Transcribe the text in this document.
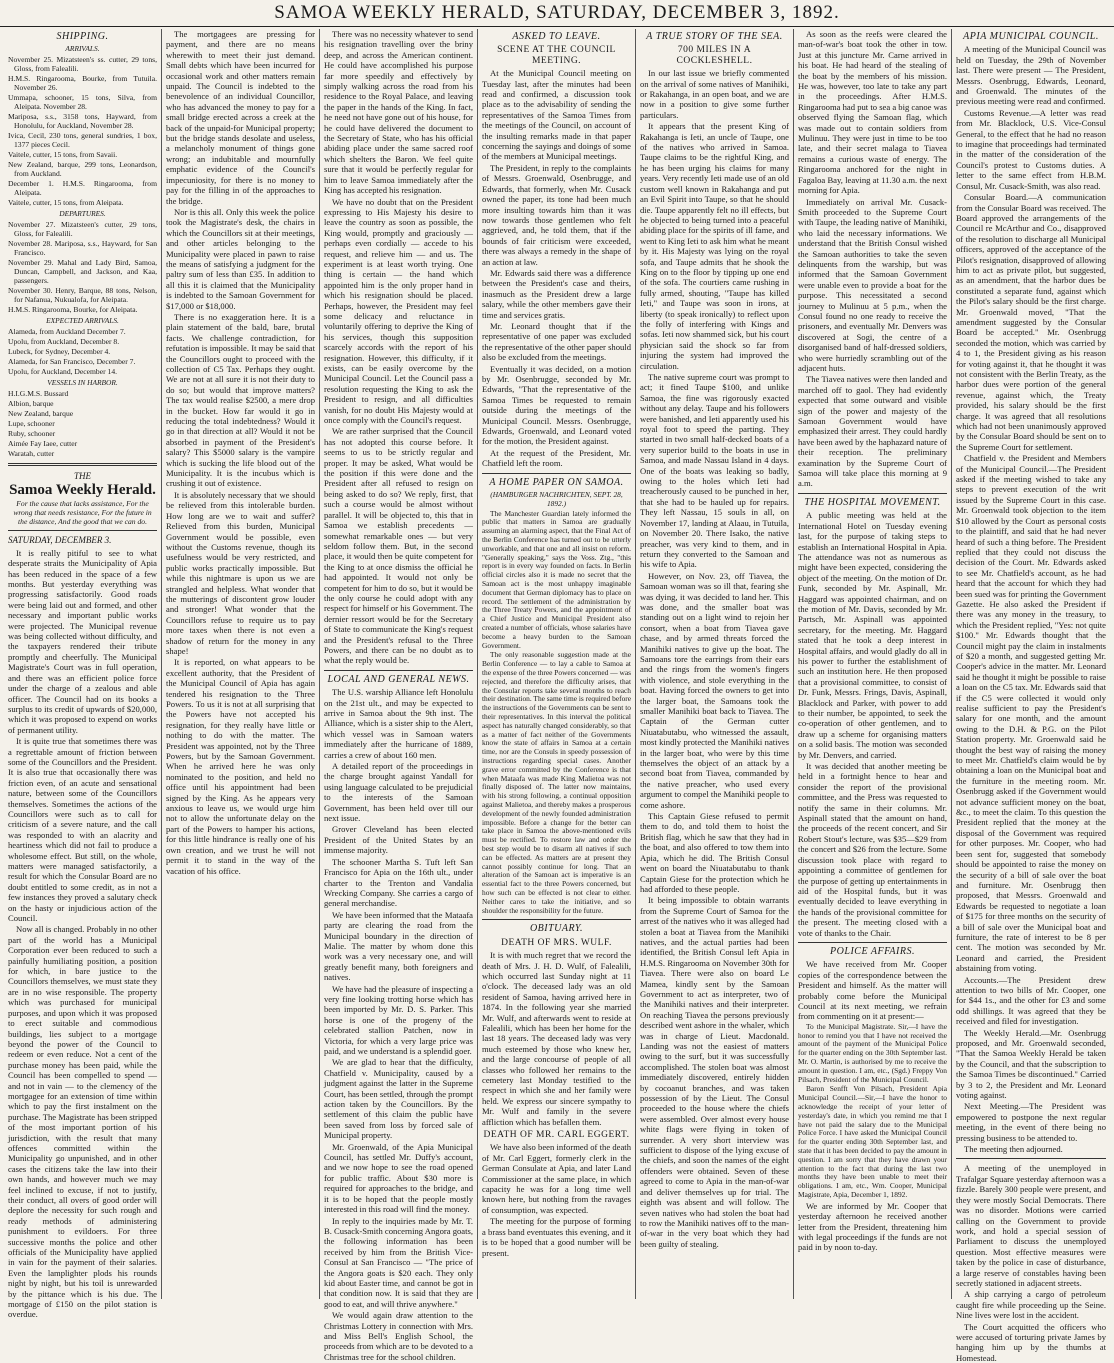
SAMOA WEEKLY HERALD, SATURDAY, DECEMBER 3, 1892.
SHIPPING.
ARRIVALS.
November 25. Mizatsteen's ss. cutter, 29 tons, Gloss, from Falealili.
H.M.S. Ringarooma, Bourke, from Tutuila. November 26.
Ummapa, schooner, 15 tons, Silva, from Aleipata. November 28.
Mariposa, s.s., 3158 tons, Hayward, from Honolulu, for Auckland, November 28.
Ivica, Cecil, 230 tons, general sundries, 1 box, 1377 pieces Cecil.
Vaitele, cutter, 15 tons, from Savaii.
New Zealand, barque, 299 tons, Leonardson, from Auckland.
December 1. H.M.S. Ringarooma, from Aleipata.
Vaitele, cutter, 15 tons, from Aleipata.
DEPARTURES.
November 27. Mizatsteen's cutter, 29 tons, Gloss, for Falealili.
November 28. Mariposa, s.s., Hayward, for San Francisco.
November 29. Mahal and Lady Bird, Samoa, Duncan, Campbell, and Jackson, and Kaa, passengers.
November 30. Henry, Barque, 88 tons, Nelson, for Nafanua, Nukualofa, for Aleipata.
H.M.S. Ringarooma, Bourke, for Aleipata.
EXPECTED ARRIVALS.
Alameda, from Auckland December 7.
Upolu, from Auckland, December 8.
Lubeck, for Sydney, December 4.
Alameda, for San Francisco, December 7.
Upolu, for Auckland, December 14.
VESSELS IN HARBOR.
H.I.G.M.S. Bussard
Albion, barque
New Zealand, barque
Lupe, schooner
Ruby, schooner
Aimée Fay Iaee, cutter
Waratah, cutter
THE
Samoa Weekly Herald.
For the cause that lacks assistance, For the wrong that needs resistance, For the future in the distance, And the good that we can do.
SATURDAY, DECEMBER 3.

It is really pitiful to see to what desperate straits the Municipality of Apia has been reduced in the space of a few months. But yesterday everything was progressing satisfactorily. Good roads were being laid out and formed, and other necessary and important public works were projected. The Municipal revenue was being collected without difficulty, and the taxpayers rendered their tribute promptly and cheerfully. The Municipal Magistrate's Court was in full operation, and there was an efficient police force under the charge of a zealous and able officer. The Council had on its books a surplus to its credit of upwards of $20,000, which it was proposed to expend on works of permanent utility.

It is quite true that sometimes there was a regrettable amount of friction between some of the Councillors and the President. It is also true that occasionally there was friction even, of an acute and sensational nature, between some of the Councillors themselves. Sometimes the actions of the Councillors were such as to call for criticism of a severe nature, and the call was responded to with an alacrity and heartiness which did not fail to produce a wholesome effect. But still, on the whole, matters were managed satisfactorily, a result for which the Consular Board are no doubt entitled to some credit, as in not a few instances they proved a salutary check on the hasty or injudicious action of the Council.

Now all is changed. Probably in no other part of the world has a Municipal Corporation ever been reduced to such a painfully humiliating position, a position for which, in bare justice to the Councillors themselves, we must state they are in no wise responsible. The property which was purchased for municipal purposes, and upon which it was proposed to erect suitable and commodious buildings, lies subject to a mortgage beyond the power of the Council to redeem or even reduce. Not a cent of the purchase money has been paid, while the Council has been compelled to spend — and not in vain — to the clemency of the mortgagee for an extension of time within which to pay the first instalment on the purchase. The Magistrate has been stripped of the most important portion of his jurisdiction, with the result that many offences committed within the Municipality go unpunished, and in other cases the citizens take the law into their own hands, and however much we may feel inclined to excuse, if not to justify, their conduct, all overs of good order will deplore the necessity for such rough and ready methods of administering punishment to evildoers. For three successive months the police and other officials of the Municipality have applied in vain for the payment of their salaries. Even the lamplighter plods his rounds night by night, but his toil is unrewarded by the pittance which is his due. The mortgage of £150 on the pilot station is overdue.

The mortgagees are pressing for payment, and there are no means wherewith to meet their just demand. Small debts which have been incurred for occasional work and other matters remain unpaid. The Council is indebted to the benevolence of an individual Councillor, who has advanced the money to pay for a small bridge erected across a creek at the back of the unpaid-for Municipal property; but the bridge stands desolate and useless, a melancholy monument of things gone wrong; an indubitable and mournfully emphatic evidence of the Council's impecuniosity, for there is no money to pay for the filling in of the approaches to the bridge.

Nor is this all. Only this week the police took the Magistrate's desk, the chairs in which the Councillors sit at their meetings, and other articles belonging to the Municipality were placed in pawn to raise the means of satisfying a judgment for the paltry sum of less than £35. In addition to all this it is claimed that the Municipality is indebted to the Samoan Government for $17,000 or $18,000.

There is no exaggeration here. It is a plain statement of the bald, bare, brutal facts. We challenge contradiction, for refutation is impossible. It may be said that the Councillors ought to proceed with the collection of C5 Tax. Perhaps they ought. We are not at all sure it is not their duty to do so; but would that improve matters? The tax would realise $2500, a mere drop in the bucket. How far would it go in reducing the total indebtedness? Would it go in that direction at all? Would it not be absorbed in payment of the President's salary? This $5000 salary is the vampire which is sucking the life blood out of the Municipality. It is the incubus which is crushing it out of existence.

It is absolutely necessary that we should be relieved from this intolerable burden. How long are we to wait and suffer? Relieved from this burden, Municipal Government would be possible, even without the Customs revenue, though its usefulness would be very restricted, and public works practically impossible. But while this nightmare is upon us we are strangled and helpless. What wonder that the mutterings of discontent grow louder and stronger! What wonder that the Councillors refuse to require us to pay more taxes when there is not even a shadow of return for the money in any shape!

It is reported, on what appears to be excellent authority, that the President of the Municipal Council of Apia has again tendered his resignation to the Three Powers. To us it is not at all surprising that the Powers have not accepted his resignation, for they really have little or nothing to do with the matter. The President was appointed, not by the Three Powers, but by the Samoan Government. When he arrived here he was only nominated to the position, and held no office until his appointment had been signed by the King. As he appears very anxious to leave us, we would urge him not to allow the unfortunate delay on the part of the Powers to hamper his actions, for this little hindrance is really one of his own creation, and we trust he will not permit it to stand in the way of the vacation of his office.

There was no necessity whatever to send his resignation travelling over the briny deep, and across the American continent. He could have accomplished his purpose far more speedily and effectively by simply walking across the road from his residence to the Royal Palace, and leaving the paper in the hands of the King. In fact, he need not have gone out of his house, for he could have delivered the document to the Secretary of State, who has his official abiding place under the same sacred roof which shelters the Baron. We feel quite sure that it would be perfectly regular for him to leave Samoa immediately after the King has accepted his resignation.

We have no doubt that on the President expressing to His Majesty his desire to leave the country as soon as possible, the King would, promptly and graciously — perhaps even cordially — accede to his request, and relieve him — and us. The experiment is at least worth trying. One thing is certain — the hand which appointed him is the only proper hand in which his resignation should be placed. Perhaps, however, the President may feel some delicacy and reluctance in voluntarily offering to deprive the King of his services, though this supposition scarcely accords with the report of his resignation. However, this difficulty, if it exists, can be easily overcome by the Municipal Council. Let the Council pass a resolution requesting the King to ask the President to resign, and all difficulties vanish, for no doubt His Majesty would at once comply with the Council's request.

We are rather surprised that the Council has not adopted this course before. It seems to us to be strictly regular and proper. It may be asked, What would be the position if this were done and the President after all refused to resign on being asked to do so? We reply, first, that such a course would be almost without parallel. It will be objected to, this that in Samoa we establish precedents — somewhat remarkable ones — but very seldom follow them. But, in the second place, it would then be quite competent for the King to at once dismiss the official he had appointed. It would not only be competent for him to do so, but it would be the only course he could adopt with any respect for himself or his Government. The dernier ressort would be for the Secretary of State to communicate the King's request and the President's refusal to the Three Powers, and there can be no doubt as to what the reply would be.

LOCAL AND GENERAL NEWS.

The U.S. warship Alliance left Honolulu on the 21st ult., and may be expected to arrive in Samoa about the 9th inst. The Alliance, which is a sister ship to the Alert, which vessel was in Samoan waters immediately after the hurricane of 1889, carries a crew of about 160 men.

A detailed report of the proceedings in the charge brought against Yandall for using language calculated to be prejudicial to the interests of the Samoan Government, has been held over till our next issue.

Grover Cleveland has been elected President of the United States by an immense majority.

The schooner Martha S. Tuft left San Francisco for Apia on the 16th ult., under charter to the Trenton and Vandalia Wrecking Company. She carries a cargo of general merchandise.

We have been informed that the Mataafa party are clearing the road from the Municipal boundary in the direction of Malie. The matter by whom done this work was a very necessary one, and will greatly benefit many, both foreigners and natives.

We have had the pleasure of inspecting a very fine looking trotting horse which has been imported by Mr. D. S. Parker. This horse is one of the progeny of the celebrated stallion Patchen, now in Victoria, for which a very large price was paid, and we understand is a splendid goer.

We are glad to hear that the difficulty, Chatfield v. Municipality, caused by a judgment against the latter in the Supreme Court, has been settled, through the prompt action taken by the Councillors. By the settlement of this claim the public have been saved from loss by forced sale of Municipal property.

Mr. Groenwald, of the Apia Municipal Council, has settled Mr. Duffy's account, and we now hope to see the road opened for public traffic. About $30 more is required for approaches to the bridge, and it is to be hoped that the people mostly interested in this road will find the money.

In reply to the inquiries made by Mr. T. B. Cusack-Smith concerning Angora goats, the following information has been received by him from the British Vice-Consul at San Francisco — "The price of the Angora goats is $20 each. They only kid about Easter time, and cannot be got in that condition now. It is said that they are good to eat, and will thrive anywhere."

We would again draw attention to the Christmas Lottery in connection with Mrs. and Miss Bell's English School, the proceeds from which are to be devoted to a Christmas tree for the school children.

ASKED TO LEAVE.
SCENE AT THE COUNCIL MEETING.

At the Municipal Council meeting on Tuesday last, after the minutes had been read and confirmed, a discussion took place as to the advisability of sending the representatives of the Samoa Times from the meetings of the Council, on account of the insulting remarks made in that paper concerning the sayings and doings of some of the members at Municipal meetings.

The President, in reply to the complaints of Messrs. Groenwald, Osenbrugge, and Edwards, that formerly, when Mr. Cusack owned the paper, its tone had been much more insulting towards him than it was now towards those gentlemen who felt aggrieved, and, he told them, that if the bounds of fair criticism were exceeded, there was always a remedy in the shape of an action at law.

Mr. Edwards said there was a difference between the President's case and theirs, inasmuch as the President drew a large salary, while the other members gave their time and services gratis.

Mr. Leonard thought that if the representative of one paper was excluded the representative of the other paper should also be excluded from the meetings.

Eventually it was decided, on a motion by Mr. Osenbrugge, seconded by Mr. Edwards, "That the representative of the Samoa Times be requested to remain outside during the meetings of the Municipal Council. Messrs. Osenbrugge, Edwards, Groenwald, and Leonard voted for the motion, the President against.

At the request of the President, Mr. Chatfield left the room.

A HOME PAPER ON SAMOA.
(HAMBURGER NACHRICHTEN, SEPT. 28, 1892.)

The Manchester Guardian lately informed the public that matters in Samoa are gradually assuming an alarming aspect, that the Final Act of the Berlin Conference has turned out to be utterly unworkable, and that one and all insist on reform. "Generally speaking," says the Voss. Ztg., "this report is in every way founded on facts. In Berlin official circles also it is made no secret that the Samoan act is the most unhappy imaginable document that German diplomacy has to place on record. The settlement of the administration by the Three Treaty Powers, and the appointment of a Chief Justice and Municipal President also created a number of officials, whose salaries have become a heavy burden to the Samoan Government.

The only reasonable suggestion made at the Berlin Conference — to lay a cable to Samoa at the expense of the three Powers concerned — was rejected, and therefore the difficulty arises, that the Consular reports take several months to reach their destination. The same time is required before the instructions of the Governments can be sent to their representatives. In this interval the political aspect has naturally changed considerably, so that as a matter of fact neither of the Governments know the state of affairs in Samoa at a certain time, nor are the Consuls in speedy possession of instructions regarding special cases. Another grave error committed by the Conference is that when Mataafa was made King Malietoa was not finally disposed of. The latter now maintains, with his strong following, a continual opposition against Malietoa, and thereby makes a prosperous development of the newly founded administration impossible. Before a change for the better can take place in Samoa the above-mentioned evils must be rectified. To restore law and order the best step would be to disarm all natives if such can be effected. As matters are at present they cannot possibly continue for long. That an alteration of the Samoan act is imperative is an essential fact to the three Powers concerned, but how such can be effected is not clear to either. Neither cares to take the initiative, and so shoulder the responsibility for the future.

OBITUARY.
DEATH OF MRS. WULF.

It is with much regret that we record the death of Mrs. J. H. D. Wulf, of Falealili, which occurred last Sunday night at 11 o'clock. The deceased lady was an old resident of Samoa, having arrived here in 1874. In the following year she married Mr. Wulf, and afterwards went to reside at Falealili, which has been her home for the last 18 years. The deceased lady was very much esteemed by those who knew her, and the large concourse of people of all classes who followed her remains to the cemetery last Monday testified to the respect in which she and her family were held. We express our sincere sympathy to Mr. Wulf and family in the severe affliction which has befallen them.

DEATH OF MR. CARL EGGERT.

We have also been informed of the death of Mr. Carl Eggert, formerly clerk in the German Consulate at Apia, and later Land Commissioner at the same place, in which capacity he was for a long time well known here, but nothing from the ravages of consumption, was expected.

The meeting for the purpose of forming a brass band eventuates this evening, and it is to be hoped that a good number will be present.

A TRUE STORY OF THE SEA.
700 MILES IN A COCKLESHELL.

In our last issue we briefly commented on the arrival of some natives of Manihiki, or Rakahanga, in an open boat, and we are now in a position to give some further particulars.

It appears that the present King of Rakahanga is Ieti, an uncle of Taupe, one of the natives who arrived in Samoa. Taupe claims to be the rightful King, and he has been urging his claims for many years. Very recently Ieti made use of an old custom well known in Rakahanga and put an Evil Spirit into Taupe, so that he should die. Taupe apparently felt no ill effects, but he objected to being turned into a peaceful abiding place for the spirits of ill fame, and went to King Ieti to ask him what he meant by it. His Majesty was lying on the royal sofa, and Taupe admits that he shook the King on to the floor by tipping up one end of the sofa. The courtiers came rushing in fully armed, shouting, "Taupe has killed Ieti," and Taupe was soon in irons, at liberty (to speak ironically) to reflect upon the folly of interfering with Kings and sofas. Ieti now shammed sick, but his court physician said the shock so far from injuring the system had improved the circulation.

The native supreme court was prompt to act; it fined Taupe $100, and unlike Samoa, the fine was rigorously exacted without any delay. Taupe and his followers were banished, and Ieti apparently used his royal foot to speed the parting. They started in two small half-decked boats of a very superior build to the boats in use in Samoa, and made Nassau Island in 4 days. One of the boats was leaking so badly, owing to the holes which Ieti had treacherously caused to be punched in her, that she had to be hauled up for repairs. They left Nassau, 15 souls in all, on November 17, landing at Alaau, in Tutuila, on November 20. There Isako, the native preacher, was very kind to them, and in return they converted to the Samoan and his wife to Apia.

However, on Nov. 23, off Tiavea, the Samoan woman was so ill that, fearing she was dying, it was decided to land her. This was done, and the smaller boat was standing out on a light wind to rejoin her consort, when a boat from Tiavea gave chase, and by armed threats forced the Manihiki natives to give up the boat. The Samoans tore the earrings from their ears and the rings from the women's fingers with violence, and stole everything in the boat. Having forced the owners to get into the larger boat, the Samoans took the smaller Manihiki boat back to Tiavea. The Captain of the German cutter Niuatabutabu, who witnessed the assault, most kindly protected the Manihiki natives in the larger boat, who were by this time themselves the object of an attack by a second boat from Tiavea, commanded by the native preacher, who used every argument to compel the Manihiki people to come ashore.

This Captain Giese refused to permit them to do, and told them to hoist the British flag, which he saw that they had in the boat, and also offered to tow them into Apia, which he did. The British Consul went on board the Niuatabutabu to thank Captain Giese for the protection which he had afforded to these people.

It being impossible to obtain warrants from the Supreme Court of Samoa for the arrest of the natives who it was alleged had stolen a boat at Tiavea from the Manihiki natives, and the actual parties had been identified, the British Consul left Apia in H.M.S. Ringarooma on November 30th for Tiavea. There were also on board Le Mamea, kindly sent by the Samoan Government to act as interpreter, two of the Manihiki natives and their interpreter. On reaching Tiavea the persons previously described went ashore in the whaler, which was in charge of Lieut. Macdonald. Landing was not the easiest of matters owing to the surf, but it was successfully accomplished. The stolen boat was almost immediately discovered, entirely hidden by cocoanut branches, and was taken possession of by the Lieut. The Consul proceeded to the house where the chiefs were assembled. Over almost every house white flags were flying in token of surrender. A very short interview was sufficient to dispose of the lying excuse of the chiefs, and soon the names of the eight offenders were obtained. Seven of these agreed to come to Apia in the man-of-war and deliver themselves up for trial. The eighth was absent and will follow. The seven natives who had stolen the boat had to row the Manihiki natives off to the man-of-war in the very boat which they had been guilty of stealing.

As soon as the reefs were cleared the man-of-war's boat took the other in tow. Just at this juncture Mr. Carne arrived in his boat. He had heard of the stealing of the boat by the members of his mission. He was, however, too late to take any part in the proceedings. After H.M.S. Ringarooma had put to sea a big canoe was observed flying the Samoan flag, which was made out to contain soldiers from Mulinuu. They were just in time to be too late, and their secret malaga to Tiavea remains a curious waste of energy. The Ringarooma anchored for the night in Fagaloa Bay, leaving at 11.30 a.m. the next morning for Apia.

Immediately on arrival Mr. Cusack-Smith proceeded to the Supreme Court with Taupe, the leading native of Manihiki, who laid the necessary informations. We understand that the British Consul wished the Samoan authorities to take the seven delinquents from the warship, but was informed that the Samoan Government were unable even to provide a boat for the purpose. This necessitated a second journey to Mulinuu at 5 p.m., when the Consul found no one ready to receive the prisoners, and eventually Mr. Denvers was discovered at Sogi, the centre of a disorganised band of half-dressed soldiers, who were hurriedly scrambling out of the adjacent huts.

The Tiavea natives were then landed and marched off to gaol. They had evidently expected that some outward and visible sign of the power and majesty of the Samoan Government would have emphasized their arrest. They could hardly have been awed by the haphazard nature of their reception. The preliminary examination by the Supreme Court of Samoa will take place this morning at 9 a.m.

THE HOSPITAL MOVEMENT.

A public meeting was held at the International Hotel on Tuesday evening last, for the purpose of taking steps to establish an International Hospital in Apia. The attendance was not as numerous as might have been expected, considering the object of the meeting. On the motion of Dr. Funk, seconded by Mr. Aspinall, Mr. Haggard was appointed chairman, and on the motion of Mr. Davis, seconded by Mr. Partsch, Mr. Aspinall was appointed secretary, for the meeting. Mr. Haggard stated that he took a deep interest in Hospital affairs, and would gladly do all in his power to further the establishment of such an institution here. He then proposed that a provisional committee, to consist of Dr. Funk, Messrs. Frings, Davis, Aspinall, Blacklock and Parker, with power to add to their number, be appointed, to seek the co-operation of other gentlemen, and to draw up a scheme for organising matters on a solid basis. The motion was seconded by Mr. Denvers, and carried.

It was decided that another meeting be held in a fortnight hence to hear and consider the report of the provisional committee, and the Press was requested to notify the same in their columns. Mr. Aspinall stated that the amount on hand, the proceeds of the recent concert, and Sir Robert Stout's lecture, was $35—$29 from the concert and $26 from the lecture. Some discussion took place with regard to appointing a committee of gentlemen for the purpose of getting up entertainments in aid of the Hospital funds, but it was eventually decided to leave everything in the hands of the provisional committee for the present. The meeting closed with a vote of thanks to the Chair.

POLICE AFFAIRS.

We have received from Mr. Cooper copies of the correspondence between the President and himself. As the matter will probably come before the Municipal Council at its next meeting, we refrain from commenting on it at present:—

To the Municipal Magistrate. Sir,—I have the honor to remind you that I have not received the amount of the payment of the Municipal Police for the quarter ending on the 30th September last. Mr. O. Martin, is authorised by me to receive the amount in question. I am, etc., (Sgd.) Freppy Von Pilsach, President of the Municipal Council.

Baron Senfft Von Pilsach, President Apia Municipal Council.—Sir,—I have the honor to acknowledge the receipt of your letter of yesterday's date, in which you remind me that I have not paid the salary due to the Municipal Police Force. I have asked the Municipal Council for the quarter ending 30th September last, and state that it has been decided to pay the amount in question. I am sorry that they have drawn your attention to the fact that during the last two months they have been unable to meet their obligations. I am, etc., Wm. Cooper, Municipal Magistrate, Apia, December 1, 1892.

We are informed by Mr. Cooper that yesterday afternoon he received another letter from the President, threatening him with legal proceedings if the funds are not paid in by noon to-day.

APIA MUNICIPAL COUNCIL.

A meeting of the Municipal Council was held on Tuesday, the 29th of November last. There were present — The President, Messrs. Osenbrugg, Edwards, Leonard, and Groenwald. The minutes of the previous meeting were read and confirmed.

Customs Revenue.—A letter was read from Mr. Blacklock, U.S. Vice-Consul General, to the effect that he had no reason to imagine that proceedings had terminated in the matter of the consideration of the Council's protest to Customs duties. A letter to the same effect from H.B.M. Consul, Mr. Cusack-Smith, was also read.

Consular Board.—A communication from the Consular Board was received. The Board approved the arrangements of the Council re McArthur and Co., disapproved of the resolution to discharge all Municipal officers, approved of the acceptance of the Pilot's resignation, disapproved of allowing him to act as private pilot, but suggested, as an amendment, that the harbor dues be constituted a separate fund, against which the Pilot's salary should be the first charge. Mr. Groenwald moved, "That the amendment suggested by the Consular Board be accepted." Mr. Osenbrugg seconded the motion, which was carried by 4 to 1, the President giving as his reason for voting against it, that he thought it was not consistent with the Berlin Treaty, as the harbor dues were portion of the general revenue, against which, the Treaty provided, his salary should be the first charge. It was agreed that all resolutions which had not been unanimously approved by the Consular Board should be sent on to the Supreme Court for settlement.

Chatfield v. the President and Members of the Municipal Council.—The President asked if the meeting wished to take any steps to prevent execution of the writ issued by the Supreme Court in this case. Mr. Groenwald took objection to the item $10 allowed by the Court as personal costs to the plaintiff, and said that he had never heard of such a thing before. The President replied that they could not discuss the decision of the Court. Mr. Edwards asked to see Mr. Chatfield's account, as he had heard that the account for which they had been sued was for printing the Government Gazette. He also asked the President if there was any money in the treasury, to which the President replied, "Yes: not quite $100." Mr. Edwards thought that the Council might pay the claim in instalments of $20 a month, and suggested getting Mr. Cooper's advice in the matter. Mr. Leonard said he thought it might be possible to raise a loan on the C5 tax. Mr. Edwards said that if the C5 were collected it would only realise sufficient to pay the President's salary for one month, and the amount owing to the D.H. & P.G. on the Pilot Station property. Mr. Groenwald said he thought the best way of raising the money to meet Mr. Chatfield's claim would be by obtaining a loan on the Municipal boat and the furniture in the meeting room. Mr. Osenbrugg asked if the Government would not advance sufficient money on the boat, &c., to meet the claim. To this question the President replied that the money at the disposal of the Government was required for other purposes. Mr. Cooper, who had been sent for, suggested that somebody should be appointed to raise the money on the security of a bill of sale over the boat and furniture. Mr. Osenbrugg then proposed, that Messrs. Groenwald and Edwards be requested to negotiate a loan of $175 for three months on the security of a bill of sale over the Municipal boat and furniture, the rate of interest to be 8 per cent. The motion was seconded by Mr. Leonard and carried, the President abstaining from voting.

Accounts.—The President drew attention to two bills of Mr. Cooper, one for $44 1s., and the other for £3 and some odd shillings. It was agreed that they be received and filed for investigation.

The Weekly Herald.—Mr. Osenbrugg proposed, and Mr. Groenwald seconded, "That the Samoa Weekly Herald be taken by the Council, and that the subscription to the Samoa Times be discontinued." Carried by 3 to 2, the President and Mr. Leonard voting against.

Next Meeting.—The President was empowered to postpone the next regular meeting, in the event of there being no pressing business to be attended to.

The meeting then adjourned.

A meeting of the unemployed in Trafalgar Square yesterday afternoon was a fizzle. Barely 300 people were present, and they were mostly Social Democrats. There was no disorder. Motions were carried calling on the Government to provide work, and hold a special session of Parliament to discuss the unemployed question. Most effective measures were taken by the police in case of disturbance, a large reserve of constables having been secretly stationed in adjacent streets.

A ship carrying a cargo of petroleum caught fire while proceeding up the Seine. Nine lives were lost in the accident.

The Court acquitted the officers who were accused of torturing private James by hanging him up by the thumbs at Homestead.
